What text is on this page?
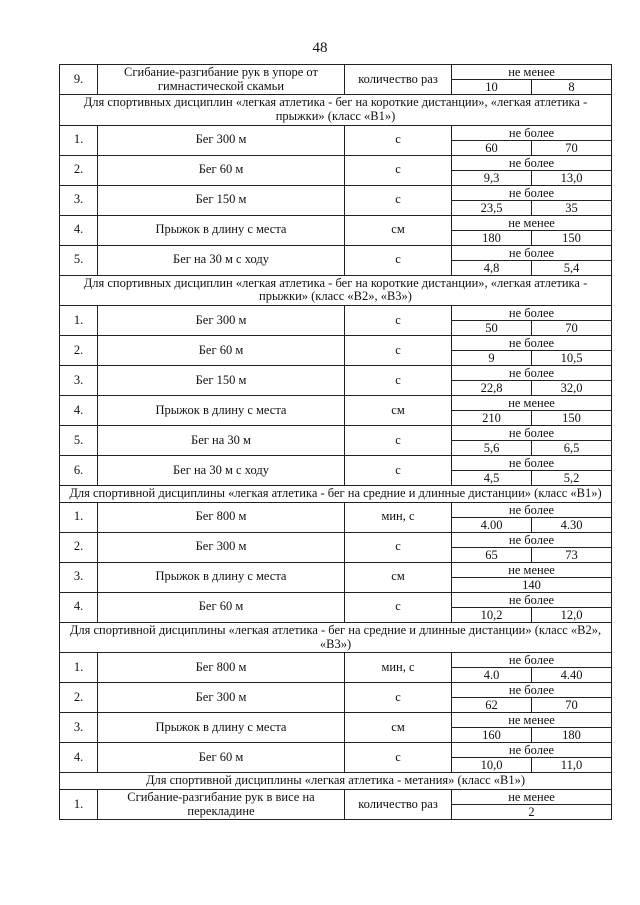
48
9.	Сгибание-разгибание рук в упоре от гимнастической скамьи	количество раз	не менее
10 8

Для спортивных дисциплин «легкая атлетика - бег на короткие дистанции», «легкая атлетика - прыжки» (класс «В1»)			
1.	Бег 300 м	с	не более
60 70

2.	Бег 60 м	с	не более
9,3 13,0

3.	Бег 150 м	с	не более
23,5 35

4.	Прыжок в длину с места	см	не менее
180 150

5.	Бег на 30 м с ходу	с	не более
4,8 5,4

Для спортивных дисциплин «легкая атлетика - бег на короткие дистанции», «легкая атлетика - прыжки» (класс «В2», «В3»)			
1.	Бег 300 м	с	не более
50 70

2.	Бег 60 м	с	не более
9 10,5

3.	Бег 150 м	с	не более
22,8 32,0

4.	Прыжок в длину с места	см	не менее
210 150

5.	Бег на 30 м	с	не более
5,6 6,5

6.	Бег на 30 м с ходу	с	не более
4,5 5,2

Для спортивной дисциплины «легкая атлетика - бег на средние и длинные дистанции» (класс «В1»)			
1.	Бег 800 м	мин, с	не более
4.00 4.30

2.	Бег 300 м	с	не более
65 73

3.	Прыжок в длину с места	см	не менее
140

4.	Бег 60 м	с	не более
10,2 12,0

Для спортивной дисциплины «легкая атлетика - бег на средние и длинные дистанции» (класс «В2», «В3»)			
1.	Бег 800 м	мин, с	не более
4.0 4.40

2.	Бег 300 м	с	не более
62 70

3.	Прыжок в длину с места	см	не менее
160 180

4.	Бег 60 м	с	не более
10,0 11,0

Для спортивной дисциплины «легкая атлетика - метания» (класс «В1»)			
1.	Сгибание-разгибание рук в висе на перекладине	количество раз	не менее
2
